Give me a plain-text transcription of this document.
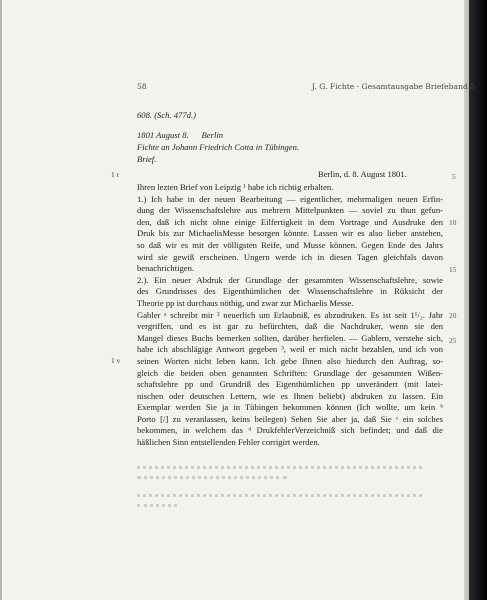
58	J. G. Fichte · Gesamtausgabe Briefeband 5
608. (Sch. 477d.)
1801 August 8.      Berlin
Fichte an Johann Friedrich Cotta in Tübingen.
Brief.
1 r	Berlin, d. 8. August 1801.
1 v
Ihren lezten Brief von Leipzig ¹ habe ich richtig erhalten.
1.) Ich habe in der neuen Bearbeitung — eigentlicher, mehrmaligen neuen Erfin-
dung der Wissenschaftslehre aus mehrern Mittelpunkten — soviel zu thun gefun-
den, daß ich nicht ohne einige Eilfertigkeit in dem Vortrage und Ausdruke den
Druk bis zur MichaelisMesse besorgen könnte. Lassen wir es also lieber anstehen,
so daß wir es mit der völligsten Reife, und Musse können. Gegen Ende des Jahrs
wird sie gewiß erscheinen. Ungern werde ich in diesen Tagen gleichfals davon
benachrichtigen.
2.). Ein neuer Abdruk der Grundlage der gesammten Wissenschaftslehre, sowie
des Grundrisses des Eigenthümlichen der Wissenschaftslehre in Rüksicht der
Theorie pp ist durchaus nöthig, und zwar zur Michaelis Messe.
Gabler ᵃ schreibt mir ² neuerlich um Erlaubniß, es abzudruken. Es ist seit 1¹/₂. Jahr
vergriffen, und es ist gar zu befürchten, daß die Nachdruker, wenn sie den
Mangel dieses Buchs bemerken sollten, darüber herfielen. — Gablern, verstehe sich,
habe ich abschlägige Antwort gegeben ³, weil er mich nicht bezahlen, und ich von
seinen Worten nicht leben kann. Ich gebe Ihnen also hiedurch den Auftrag, so-
gleich die beiden oben genannten Schriften: Grundlage der gesammten Wißen-
schaftslehre pp und Grundriß des Eigenthümlichen pp unverändert (mit latei-
nischen oder deutschen Lettern, wie es Ihnen beliebt) abdruken zu lassen. Ein
Exemplar werden Sie ja in Tübingen bekommen können (Ich wollte, um kein ᵇ
Porto [/] zu veranlassen, keins beilegen) Sehen Sie aber ja, daß Sie ᶜ ein solches
bekommen, in welchem das ᵈ DrukfehlerVerzeichniß sich befindet; und daß die
häßlichen Sinn entstellenden Fehler corrigirt werden.
5
10
15
20
25
